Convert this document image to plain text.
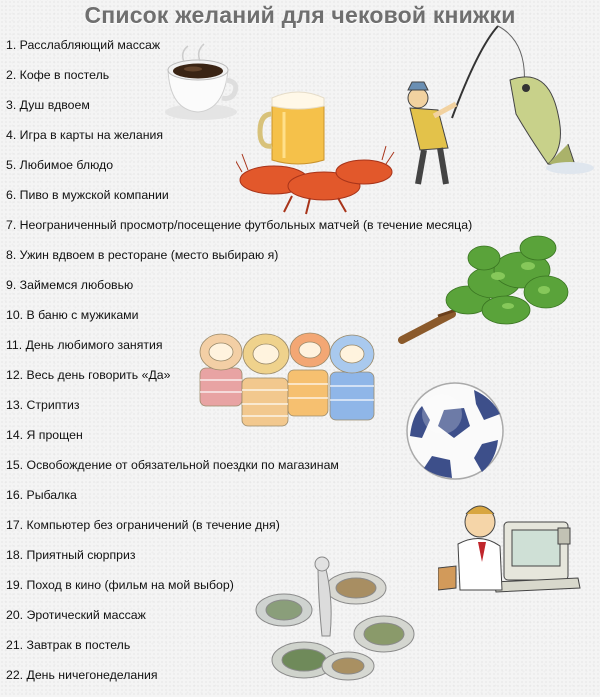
Список желаний для чековой книжки
1. Расслабляющий массаж
2. Кофе в постель
3. Душ вдвоем
4. Игра в карты на желания
5. Любимое блюдо
6. Пиво в мужской компании
7. Неограниченный просмотр/посещение футбольных матчей (в течение месяца)
8. Ужин вдвоем в ресторане (место выбираю я)
9. Займемся любовью
10. В баню с мужиками
11. День любимого занятия
12. Весь день говорить «Да»
13. Стриптиз
14. Я прощен
15. Освобождение от обязательной поездки по магазинам
16. Рыбалка
17. Компьютер без ограничений (в течение дня)
18. Приятный сюрприз
19. Поход в кино (фильм на мой выбор)
20. Эротический массаж
21. Завтрак в постель
22. День ничегонеделания
